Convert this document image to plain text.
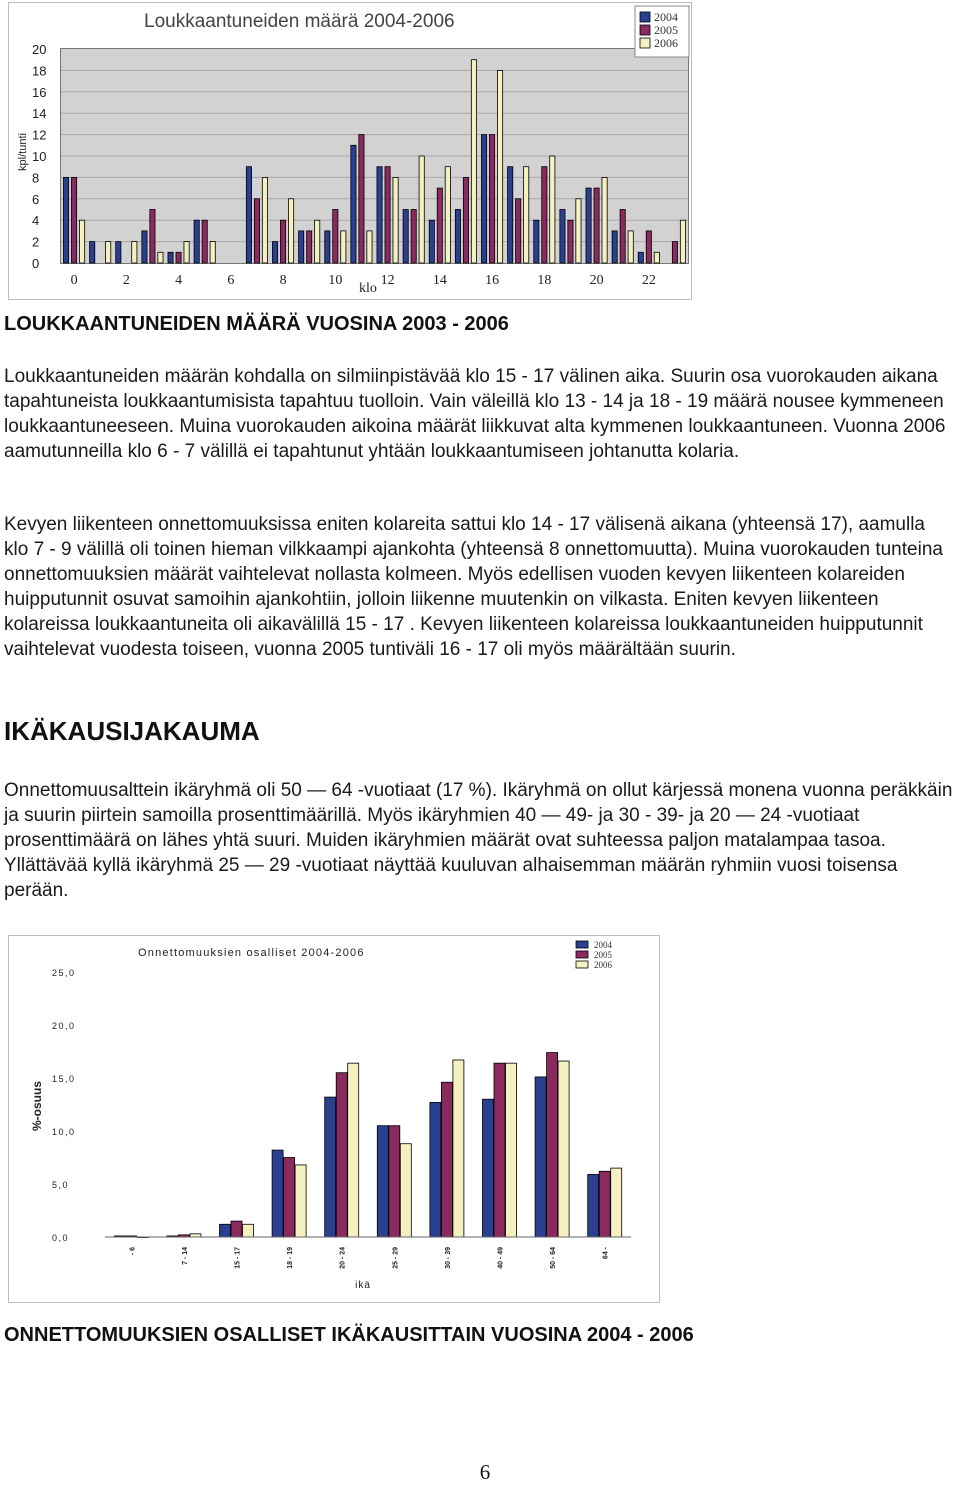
Loukkaantuneiden määrä 2004-2006
kpl/tunti
klo
0
2
4
6
8
10
12
14
16
18
20
0	2	4	6	8	10	12	14	16	18	20	22
2004
2005
2006
LOUKKAANTUNEIDEN MÄÄRÄ VUOSINA 2003 - 2006

Loukkaantuneiden määrän kohdalla on silmiinpistävää klo 15 - 17 välinen aika. Suurin osa vuorokauden aikana tapahtuneista loukkaantumisista tapahtuu tuolloin. Vain väleillä klo 13 - 14 ja 18 - 19 määrä nousee kymmeneen loukkaantuneeseen. Muina vuorokauden aikoina määrät liikkuvat alta kymmenen loukkaantuneen. Vuonna 2006 aamutunneilla klo 6 - 7 välillä ei tapahtunut yhtään loukkaantumiseen johtanutta kolaria.

Kevyen liikenteen onnettomuuksissa eniten kolareita sattui klo 14 - 17 välisenä aikana (yhteensä 17), aamulla klo 7 - 9 välillä oli toinen hieman vilkkaampi ajankohta (yhteensä 8 onnettomuutta). Muina vuorokauden tunteina onnettomuuksien määrät vaihtelevat nollasta kolmeen. Myös edellisen vuoden kevyen liikenteen kolareiden huipputunnit osuvat samoihin ajankohtiin, jolloin liikenne muutenkin on vilkasta. Eniten kevyen liikenteen kolareissa loukkaantuneita oli aikavälillä 15 - 17 . Kevyen liikenteen kolareissa loukkaantuneiden huipputunnit vaihtelevat vuodesta toiseen, vuonna 2005 tuntiväli 16 - 17 oli myös määrältään suurin.

IKÄKAUSIJAKAUMA

Onnettomuusalttein ikäryhmä oli 50 — 64 -vuotiaat (17 %). Ikäryhmä on ollut kärjessä monena vuonna peräkkäin ja suurin piirtein samoilla prosenttimäärillä. Myös ikäryhmien 40 — 49- ja 30 - 39- ja 20 — 24 -vuotiaat prosenttimäärä on lähes yhtä suuri. Muiden ikäryhmien määrät ovat suhteessa paljon matalampaa tasoa. Yllättävää kyllä ikäryhmä 25 — 29 -vuotiaat näyttää kuuluvan alhaisemman määrän ryhmiin vuosi toisensa perään.

Onnettomuuksien osalliset 2004-2006
%-osuus
ikä
0,0
5,0
10,0
15,0
20,0
25,0
- 6	7 - 14	15 - 17	18 - 19	20 - 24	25 - 29	30 - 39	40 - 49	50 - 64	64 -
2004
2005
2006
ONNETTOMUUKSIEN OSALLISET IKÄKAUSITTAIN VUOSINA 2004 - 2006
6
